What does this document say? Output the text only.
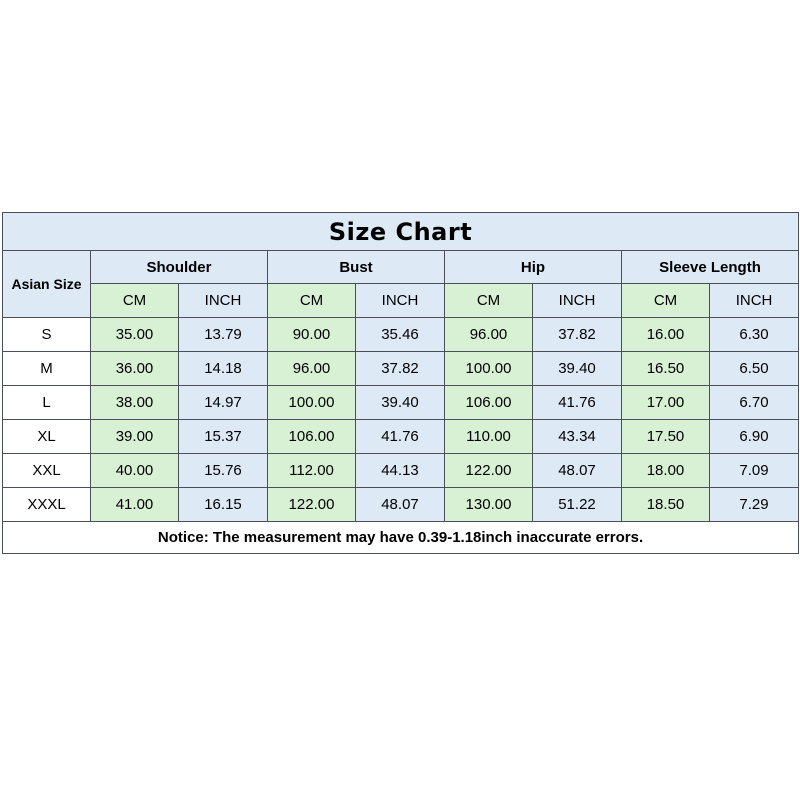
Size Chart								
Asian Size	Shoulder		Bust		Hip		Sleeve Length	
	CM	INCH	CM	INCH	CM	INCH	CM	INCH
S	35.00	13.79	90.00	35.46	96.00	37.82	16.00	6.30
M	36.00	14.18	96.00	37.82	100.00	39.40	16.50	6.50
L	38.00	14.97	100.00	39.40	106.00	41.76	17.00	6.70
XL	39.00	15.37	106.00	41.76	110.00	43.34	17.50	6.90
XXL	40.00	15.76	112.00	44.13	122.00	48.07	18.00	7.09
XXXL	41.00	16.15	122.00	48.07	130.00	51.22	18.50	7.29
Notice: The measurement may have 0.39-1.18inch inaccurate errors.								
